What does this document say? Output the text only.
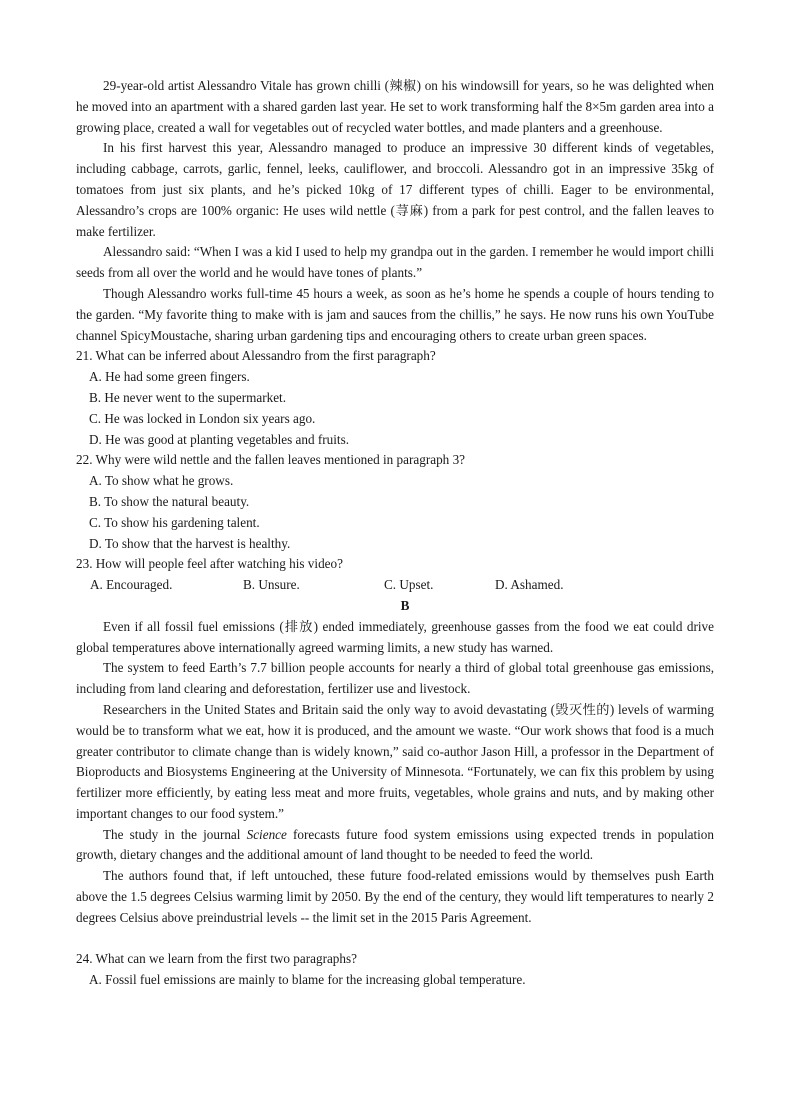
29-year-old artist Alessandro Vitale has grown chilli (辣椒) on his windowsill for years, so he was delighted when he moved into an apartment with a shared garden last year. He set to work transforming half the 8×5m garden area into a growing place, created a wall for vegetables out of recycled water bottles, and made planters and a greenhouse.

In his first harvest this year, Alessandro managed to produce an impressive 30 different kinds of vegetables, including cabbage, carrots, garlic, fennel, leeks, cauliflower, and broccoli. Alessandro got in an impressive 35kg of tomatoes from just six plants, and he’s picked 10kg of 17 different types of chilli. Eager to be environmental, Alessandro’s crops are 100% organic: He uses wild nettle (荨麻) from a park for pest control, and the fallen leaves to make fertilizer.

Alessandro said: “When I was a kid I used to help my grandpa out in the garden. I remember he would import chilli seeds from all over the world and he would have tones of plants.”

Though Alessandro works full-time 45 hours a week, as soon as he’s home he spends a couple of hours tending to the garden. “My favorite thing to make with is jam and sauces from the chillis,” he says. He now runs his own YouTube channel SpicyMoustache, sharing urban gardening tips and encouraging others to create urban green spaces.

21. What can be inferred about Alessandro from the first paragraph?

A. He had some green fingers.

B. He never went to the supermarket.

C. He was locked in London six years ago.

D. He was good at planting vegetables and fruits.

22. Why were wild nettle and the fallen leaves mentioned in paragraph 3?

A. To show what he grows.

B. To show the natural beauty.

C. To show his gardening talent.

D. To show that the harvest is healthy.

23. How will people feel after watching his video?

A. Encouraged.	B. Unsure.	C. Upset.	D. Ashamed.

B

Even if all fossil fuel emissions (排放) ended immediately, greenhouse gasses from the food we eat could drive global temperatures above internationally agreed warming limits, a new study has warned.

The system to feed Earth’s 7.7 billion people accounts for nearly a third of global total greenhouse gas emissions, including from land clearing and deforestation, fertilizer use and livestock.

Researchers in the United States and Britain said the only way to avoid devastating (毁灭性的) levels of warming would be to transform what we eat, how it is produced, and the amount we waste. “Our work shows that food is a much greater contributor to climate change than is widely known,” said co-author Jason Hill, a professor in the Department of Bioproducts and Biosystems Engineering at the University of Minnesota. “Fortunately, we can fix this problem by using fertilizer more efficiently, by eating less meat and more fruits, vegetables, whole grains and nuts, and by making other important changes to our food system.”

The study in the journal Science forecasts future food system emissions using expected trends in population growth, dietary changes and the additional amount of land thought to be needed to feed the world.

The authors found that, if left untouched, these future food-related emissions would by themselves push Earth above the 1.5 degrees Celsius warming limit by 2050. By the end of the century, they would lift temperatures to nearly 2 degrees Celsius above preindustrial levels -- the limit set in the 2015 Paris Agreement.

24. What can we learn from the first two paragraphs?

A. Fossil fuel emissions are mainly to blame for the increasing global temperature.
